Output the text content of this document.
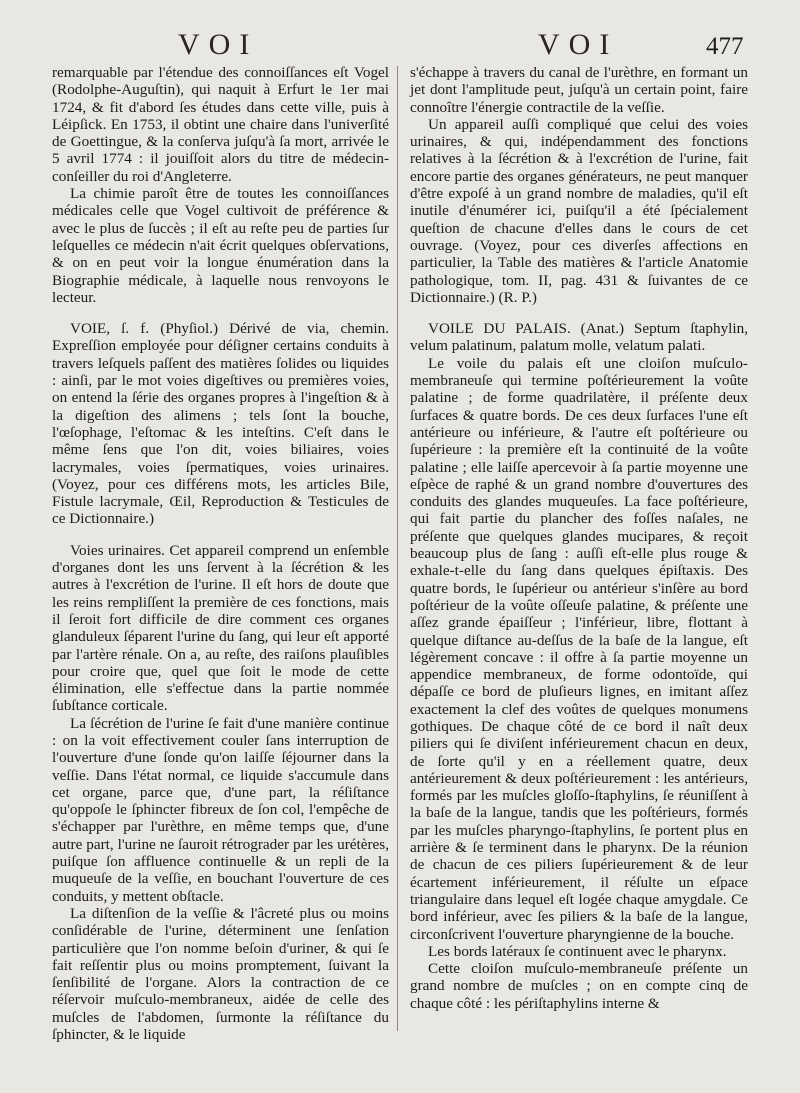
VOI	VOI	477

remarquable par l'étendue des connoiſſances eſt Vogel (Rodolphe-Auguſtin), qui naquit à Erfurt le 1er mai 1724, & fit d'abord ſes études dans cette ville, puis à Léipſick. En 1753, il obtint une chaire dans l'univerſité de Goettingue, & la conſerva juſqu'à ſa mort, arrivée le 5 avril 1774 : il jouiſſoit alors du titre de médecin-conſeiller du roi d'Angleterre.

La chimie paroît être de toutes les connoiſſances médicales celle que Vogel cultivoit de préférence & avec le plus de ſuccès ; il eſt au reſte peu de parties ſur leſquelles ce médecin n'ait écrit quelques obſervations, & on en peut voir la longue énumération dans la Biographie médicale, à laquelle nous renvoyons le lecteur.

VOIE, ſ. f. (Phyſiol.) Dérivé de via, chemin. Expreſſion employée pour déſigner certains conduits à travers leſquels paſſent des matières ſolides ou liquides : ainſi, par le mot voies digeſtives ou premières voies, on entend la ſérie des organes propres à l'ingeſtion & à la digeſtion des alimens ; tels ſont la bouche, l'œſophage, l'eſtomac & les inteſtins. C'eſt dans le même ſens que l'on dit, voies biliaires, voies lacrymales, voies ſpermatiques, voies urinaires. (Voyez, pour ces différens mots, les articles Bile, Fistule lacrymale, Œil, Reproduction & Testicules de ce Dictionnaire.)

Voies urinaires. Cet appareil comprend un enſemble d'organes dont les uns ſervent à la ſécrétion & les autres à l'excrétion de l'urine. Il eſt hors de doute que les reins rempliſſent la première de ces fonctions, mais il ſeroit fort difficile de dire comment ces organes glanduleux ſéparent l'urine du ſang, qui leur eſt apporté par l'artère rénale. On a, au reſte, des raiſons plauſibles pour croire que, quel que ſoit le mode de cette élimination, elle s'effectue dans la partie nommée ſubſtance corticale.

La ſécrétion de l'urine ſe fait d'une manière continue : on la voit effectivement couler ſans interruption de l'ouverture d'une ſonde qu'on laiſſe ſéjourner dans la veſſie. Dans l'état normal, ce liquide s'accumule dans cet organe, parce que, d'une part, la réſiſtance qu'oppoſe le ſphincter fibreux de ſon col, l'empêche de s'échapper par l'urèthre, en même temps que, d'une autre part, l'urine ne ſauroit rétrograder par les urétères, puiſque ſon affluence continuelle & un repli de la muqueuſe de la veſſie, en bouchant l'ouverture de ces conduits, y mettent obſtacle.

La diſtenſion de la veſſie & l'âcreté plus ou moins conſidérable de l'urine, déterminent une ſenſation particulière que l'on nomme beſoin d'uriner, & qui ſe fait reſſentir plus ou moins promptement, ſuivant la ſenſibilité de l'organe. Alors la contraction de ce réſervoir muſculo-membraneux, aidée de celle des muſcles de l'abdomen, ſurmonte la réſiſtance du ſphincter, & le liquide

s'échappe à travers du canal de l'urèthre, en formant un jet dont l'amplitude peut, juſqu'à un certain point, faire connoître l'énergie contractile de la veſſie.

Un appareil auſſi compliqué que celui des voies urinaires, & qui, indépendamment des fonctions relatives à la ſécrétion & à l'excrétion de l'urine, fait encore partie des organes générateurs, ne peut manquer d'être expoſé à un grand nombre de maladies, qu'il eſt inutile d'énumérer ici, puiſqu'il a été ſpécialement queſtion de chacune d'elles dans le cours de cet ouvrage. (Voyez, pour ces diverſes affections en particulier, la Table des matières & l'article Anatomie pathologique, tom. II, pag. 431 & ſuivantes de ce Dictionnaire.) (R. P.)

VOILE DU PALAIS. (Anat.) Septum ſtaphylin, velum palatinum, palatum molle, velatum palati.

Le voile du palais eſt une cloiſon muſculo-membraneuſe qui termine poſtérieurement la voûte palatine ; de forme quadrilatère, il préſente deux ſurfaces & quatre bords. De ces deux ſurfaces l'une eſt antérieure ou inférieure, & l'autre eſt poſtérieure ou ſupérieure : la première eſt la continuité de la voûte palatine ; elle laiſſe apercevoir à ſa partie moyenne une eſpèce de raphé & un grand nombre d'ouvertures des conduits des glandes muqueuſes. La face poſtérieure, qui fait partie du plancher des foſſes naſales, ne préſente que quelques glandes mucipares, & reçoit beaucoup plus de ſang : auſſi eſt-elle plus rouge & exhale-t-elle du ſang dans quelques épiſtaxis. Des quatre bords, le ſupérieur ou antérieur s'inſère au bord poſtérieur de la voûte oſſeuſe palatine, & préſente une aſſez grande épaiſſeur ; l'inférieur, libre, flottant à quelque diſtance au-deſſus de la baſe de la langue, eſt légèrement concave : il offre à ſa partie moyenne un appendice membraneux, de forme odontoïde, qui dépaſſe ce bord de pluſieurs lignes, en imitant aſſez exactement la clef des voûtes de quelques monumens gothiques. De chaque côté de ce bord il naît deux piliers qui ſe diviſent inférieurement chacun en deux, de ſorte qu'il y en a réellement quatre, deux antérieurement & deux poſtérieurement : les antérieurs, formés par les muſcles gloſſo-ſtaphylins, ſe réuniſſent à la baſe de la langue, tandis que les poſtérieurs, formés par les muſcles pharyngo-ſtaphylins, ſe portent plus en arrière & ſe terminent dans le pharynx. De la réunion de chacun de ces piliers ſupérieurement & de leur écartement inférieurement, il réſulte un eſpace triangulaire dans lequel eſt logée chaque amygdale. Ce bord inférieur, avec ſes piliers & la baſe de la langue, circonſcrivent l'ouverture pharyngienne de la bouche.

Les bords latéraux ſe continuent avec le pharynx.

Cette cloiſon muſculo-membraneuſe préſente un grand nombre de muſcles ; on en compte cinq de chaque côté : les périſtaphylins interne &
